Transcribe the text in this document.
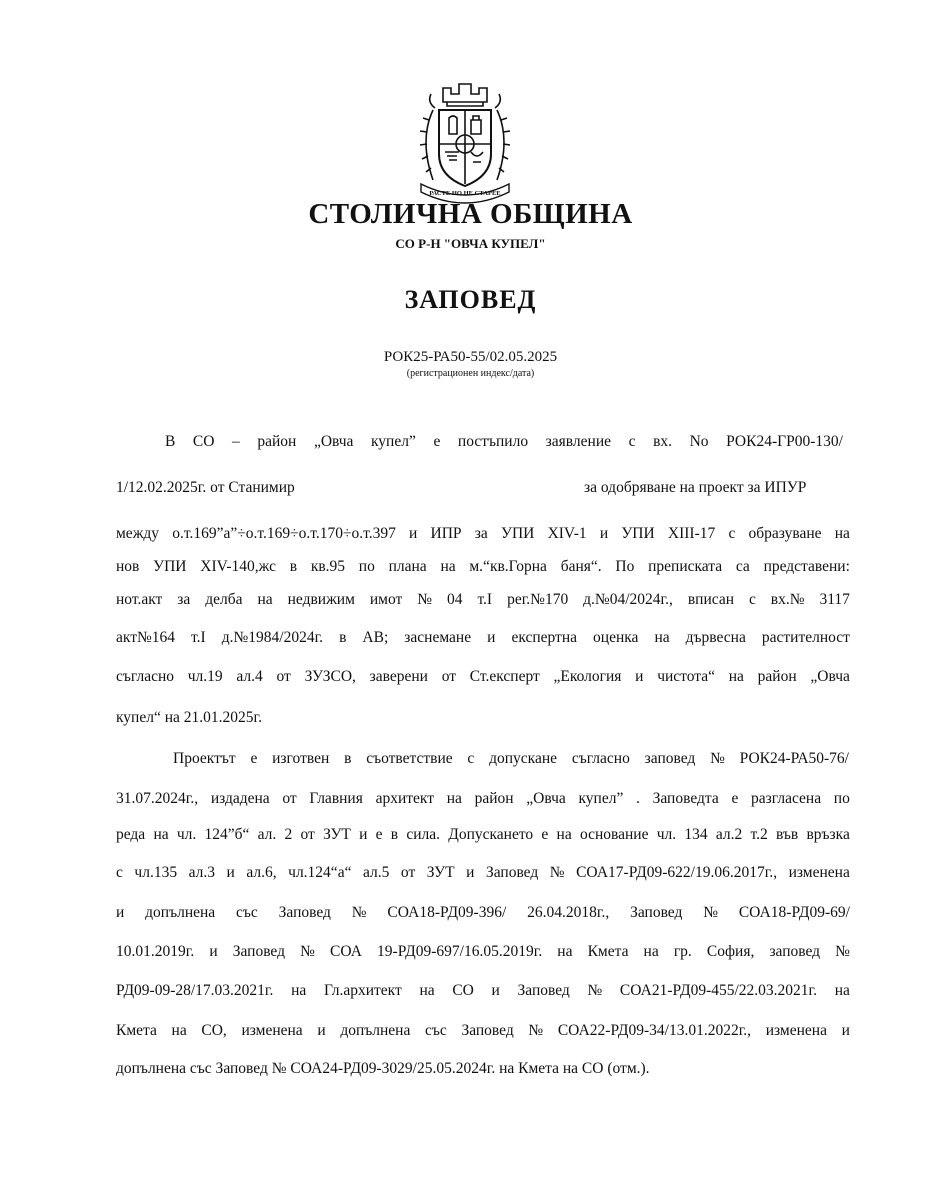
РАСТЕ НО НЕ СТАРЕЕ
СТОЛИЧНА ОБЩИНА
СО Р-Н "ОВЧА КУПЕЛ"
ЗАПОВЕД
РОК25-РА50-55/02.05.2025
(регистрационен индекс/дата)
В СО – район „Овча купел” е постъпило заявление с вх. No РОК24-ГР00-130/
1/12.02.2025г. от Станимир	за одобряване на проект за ИПУР
между о.т.169”а”÷о.т.169÷о.т.170÷о.т.397 и ИПР за УПИ XIV-1 и УПИ XIII-17 с образуване на
нов УПИ XIV-140,жс в кв.95 по плана на м.“кв.Горна баня“. По преписката са представени:
нот.акт за делба на недвижим имот № 04 т.I рег.№170 д.№04/2024г., вписан с вх.№ 3117
акт№164 т.I д.№1984/2024г. в АВ; заснемане и експертна оценка на дървесна растителност
съгласно чл.19 ал.4 от ЗУЗСО, заверени от Ст.експерт „Екология и чистота“ на район „Овча
купел“ на 21.01.2025г.
Проектът е изготвен в съответствие с допускане съгласно заповед № РОК24-РА50-76/
31.07.2024г., издадена от Главния архитект на район „Овча купел” . Заповедта е разгласена по
реда на чл. 124”б“ ал. 2 от ЗУТ и е в сила. Допускането е на основание чл. 134 ал.2 т.2 във връзка
с чл.135 ал.3 и ал.6, чл.124“а“ ал.5 от ЗУТ и Заповед № СОА17-РД09-622/19.06.2017г., изменена
и допълнена със Заповед № СОА18-РД09-396/ 26.04.2018г., Заповед № СОА18-РД09-69/
10.01.2019г. и Заповед № СОА 19-РД09-697/16.05.2019г. на Кмета на гр. София, заповед №
РД09-09-28/17.03.2021г. на Гл.архитект на СО и Заповед № СОА21-РД09-455/22.03.2021г. на
Кмета на СО, изменена и допълнена със Заповед № СОА22-РД09-34/13.01.2022г., изменена и
допълнена със Заповед № СОА24-РД09-3029/25.05.2024г. на Кмета на СО (отм.).
